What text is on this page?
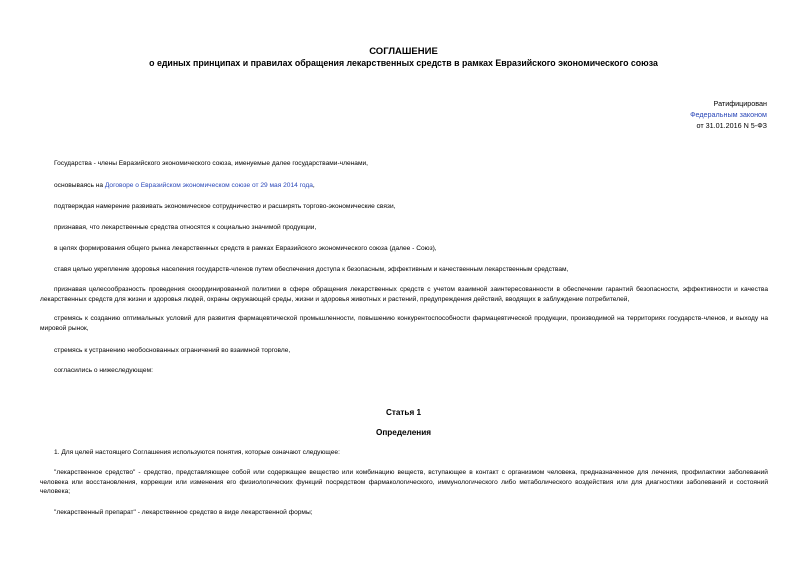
СОГЛАШЕНИЕ
о единых принципах и правилах обращения лекарственных средств в рамках Евразийского экономического союза
Ратифицирован
Федеральным законом
от 31.01.2016 N 5-ФЗ
Государства - члены Евразийского экономического союза, именуемые далее государствами-членами,
основываясь на Договоре о Евразийском экономическом союзе от 29 мая 2014 года,
подтверждая намерение развивать экономическое сотрудничество и расширять торгово-экономические связи,
признавая, что лекарственные средства относятся к социально значимой продукции,
в целях формирования общего рынка лекарственных средств в рамках Евразийского экономического союза (далее - Союз),
ставя целью укрепление здоровья населения государств-членов путем обеспечения доступа к безопасным, эффективным и качественным лекарственным средствам,
признавая целесообразность проведения скоординированной политики в сфере обращения лекарственных средств с учетом взаимной заинтересованности в обеспечении гарантий безопасности, эффективности и качества лекарственных средств для жизни и здоровья людей, охраны окружающей среды, жизни и здоровья животных и растений, предупреждения действий, вводящих в заблуждение потребителей,
стремясь к созданию оптимальных условий для развития фармацевтической промышленности, повышению конкурентоспособности фармацевтической продукции, производимой на территориях государств-членов, и выходу на мировой рынок,
стремясь к устранению необоснованных ограничений во взаимной торговле,
согласились о нижеследующем:
Статья 1
Определения
1. Для целей настоящего Соглашения используются понятия, которые означают следующее:
"лекарственное средство" - средство, представляющее собой или содержащее вещество или комбинацию веществ, вступающее в контакт с организмом человека, предназначенное для лечения, профилактики заболеваний человека или восстановления, коррекции или изменения его физиологических функций посредством фармакологического, иммунологического либо метаболического воздействия или для диагностики заболеваний и состояний человека;
"лекарственный препарат" - лекарственное средство в виде лекарственной формы;
